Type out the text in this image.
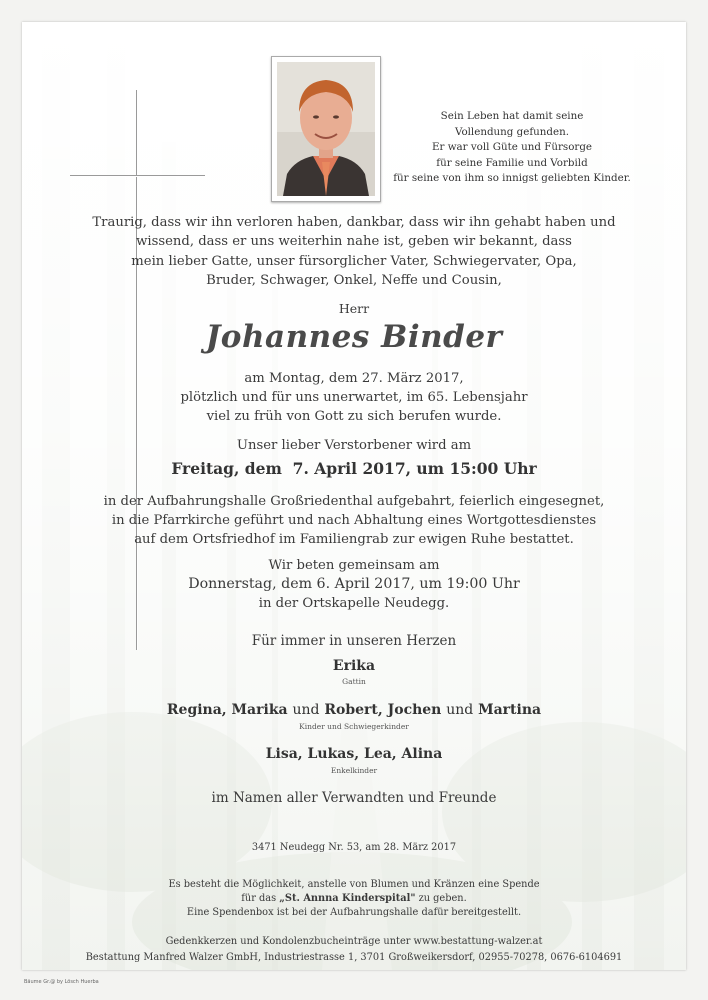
Sein Leben hat damit seine
Vollendung gefunden.
Er war voll Güte und Fürsorge
für seine Familie und Vorbild
für seine von ihm so innigst geliebten Kinder.
Traurig, dass wir ihn verloren haben, dankbar, dass wir ihn gehabt haben und
wissend, dass er uns weiterhin nahe ist, geben wir bekannt, dass
mein lieber Gatte, unser fürsorglicher Vater, Schwiegervater, Opa,
Bruder, Schwager, Onkel, Neffe und Cousin,
Herr
Johannes Binder
am Montag, dem 27. März 2017,
plötzlich und für uns unerwartet, im 65. Lebensjahr
viel zu früh von Gott zu sich berufen wurde.
Unser lieber Verstorbener wird am
Freitag, dem  7. April 2017, um 15:00 Uhr
in der Aufbahrungshalle Großriedenthal aufgebahrt, feierlich eingesegnet,
in die Pfarrkirche geführt und nach Abhaltung eines Wortgottesdienstes
auf dem Ortsfriedhof im Familiengrab zur ewigen Ruhe bestattet.
Wir beten gemeinsam am
Donnerstag, dem 6. April 2017, um 19:00 Uhr
in der Ortskapelle Neudegg.
Für immer in unseren Herzen
Erika
Gattin
Regina, Marika und Robert, Jochen und Martina
Kinder und Schwiegerkinder
Lisa, Lukas, Lea, Alina
Enkelkinder
im Namen aller Verwandten und Freunde
3471 Neudegg Nr. 53, am 28. März 2017
Es besteht die Möglichkeit, anstelle von Blumen und Kränzen eine Spende
für das „St. Annna Kinderspital" zu geben.
Eine Spendenbox ist bei der Aufbahrungshalle dafür bereitgestellt.
Gedenkkerzen und Kondolenzbucheinträge unter www.bestattung-walzer.at
Bestattung Manfred Walzer GmbH, Industriestrasse 1, 3701 Großweikersdorf, 02955-70278, 0676-6104691
Bäume Gr.@ by Lösch Huerba
